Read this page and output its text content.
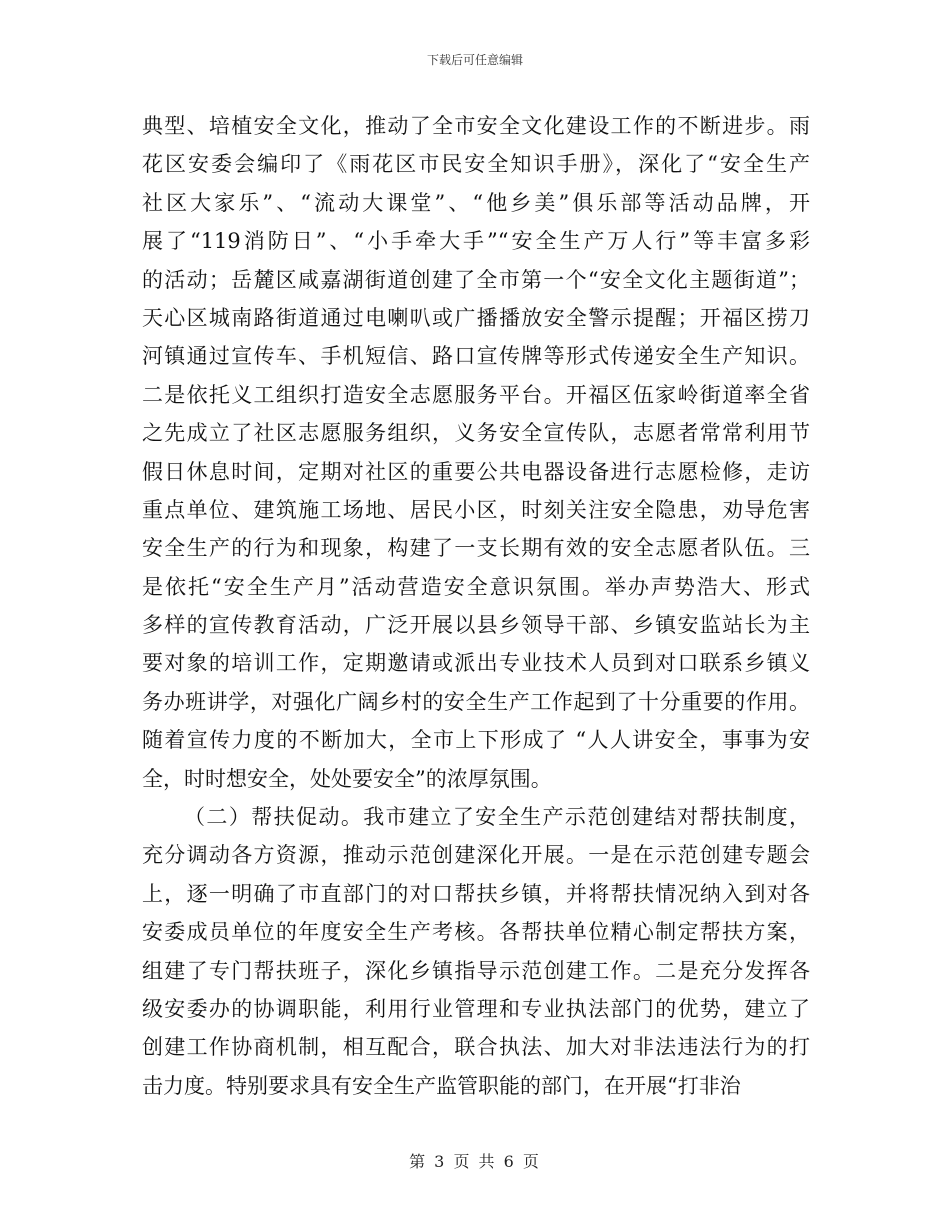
下载后可任意编辑
典型、培植安全文化，推动了全市安全文化建设工作的不断进步。雨
花区安委会编印了《雨花区市民安全知识手册》，深化了“安全生产
社区大家乐”、“流动大课堂”、“他乡美”俱乐部等活动品牌，开
展了“119消防日”、“小手牵大手”“安全生产万人行”等丰富多彩
的活动；岳麓区咸嘉湖街道创建了全市第一个“安全文化主题街道”；
天心区城南路街道通过电喇叭或广播播放安全警示提醒；开福区捞刀
河镇通过宣传车、手机短信、路口宣传牌等形式传递安全生产知识。
二是依托义工组织打造安全志愿服务平台。开福区伍家岭街道率全省
之先成立了社区志愿服务组织，义务安全宣传队，志愿者常常利用节
假日休息时间，定期对社区的重要公共电器设备进行志愿检修，走访
重点单位、建筑施工场地、居民小区，时刻关注安全隐患，劝导危害
安全生产的行为和现象，构建了一支长期有效的安全志愿者队伍。三
是依托“安全生产月”活动营造安全意识氛围。举办声势浩大、形式
多样的宣传教育活动，广泛开展以县乡领导干部、乡镇安监站长为主
要对象的培训工作，定期邀请或派出专业技术人员到对口联系乡镇义
务办班讲学，对强化广阔乡村的安全生产工作起到了十分重要的作用。
随着宣传力度的不断加大，全市上下形成了 “人人讲安全，事事为安
全，时时想安全，处处要安全”的浓厚氛围。
（二）帮扶促动。我市建立了安全生产示范创建结对帮扶制度，
充分调动各方资源，推动示范创建深化开展。一是在示范创建专题会
上，逐一明确了市直部门的对口帮扶乡镇，并将帮扶情况纳入到对各
安委成员单位的年度安全生产考核。各帮扶单位精心制定帮扶方案，
组建了专门帮扶班子，深化乡镇指导示范创建工作。二是充分发挥各
级安委办的协调职能，利用行业管理和专业执法部门的优势，建立了
创建工作协商机制，相互配合，联合执法、加大对非法违法行为的打
击力度。特别要求具有安全生产监管职能的部门，在开展“打非治
第 3 页 共 6 页
